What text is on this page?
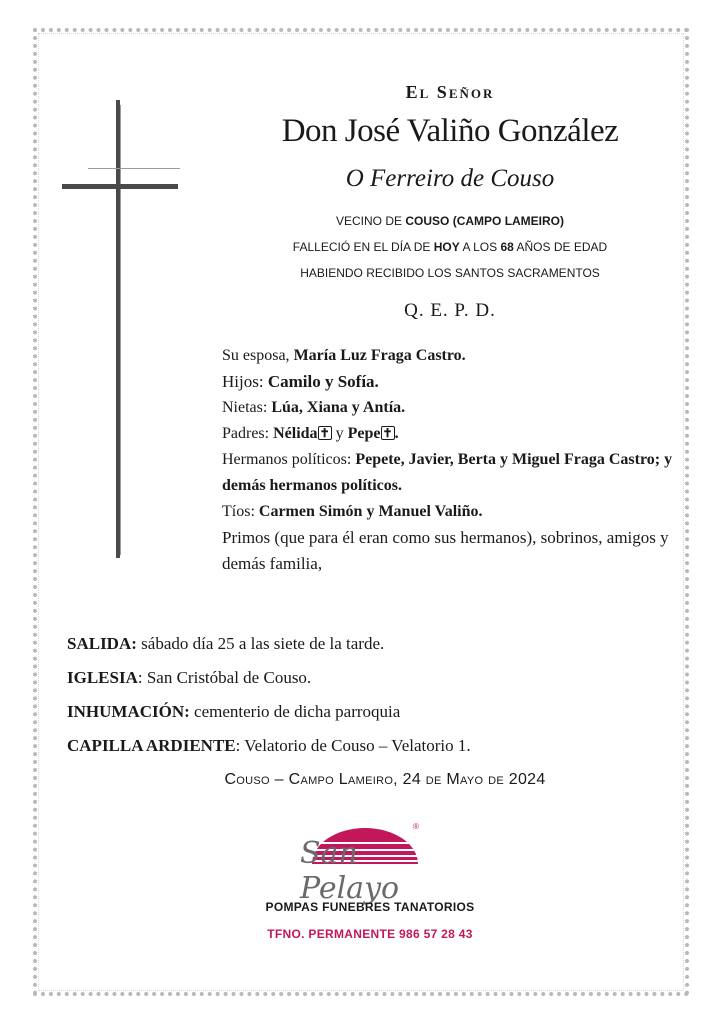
El Señor
Don José Valiño González
O Ferreiro de Couso
VECINO DE COUSO (CAMPO LAMEIRO)
FALLECIÓ EN EL DÍA DE HOY A LOS 68 AÑOS DE EDAD
HABIENDO RECIBIDO LOS SANTOS SACRAMENTOS
Q. E. P. D.
Su esposa, María Luz Fraga Castro.
Hijos: Camilo y Sofía.
Nietas: Lúa, Xiana y Antía.
Padres: Nélida ✝ y Pepe ✝ .
Hermanos políticos: Pepete, Javier, Berta y Miguel Fraga Castro; y demás hermanos políticos.
Tíos: Carmen Simón y Manuel Valiño.
Primos (que para él eran como sus hermanos), sobrinos, amigos y demás familia,
SALIDA: sábado día 25 a las siete de la tarde.
IGLESIA: San Cristóbal de Couso.
INHUMACIÓN: cementerio de dicha parroquia
CAPILLA ARDIENTE: Velatorio de Couso – Velatorio 1.
Couso – Campo Lameiro, 24 de Mayo de 2024
®
San Pelayo
POMPAS FUNEBRES TANATORIOS
TFNO. PERMANENTE 986 57 28 43
